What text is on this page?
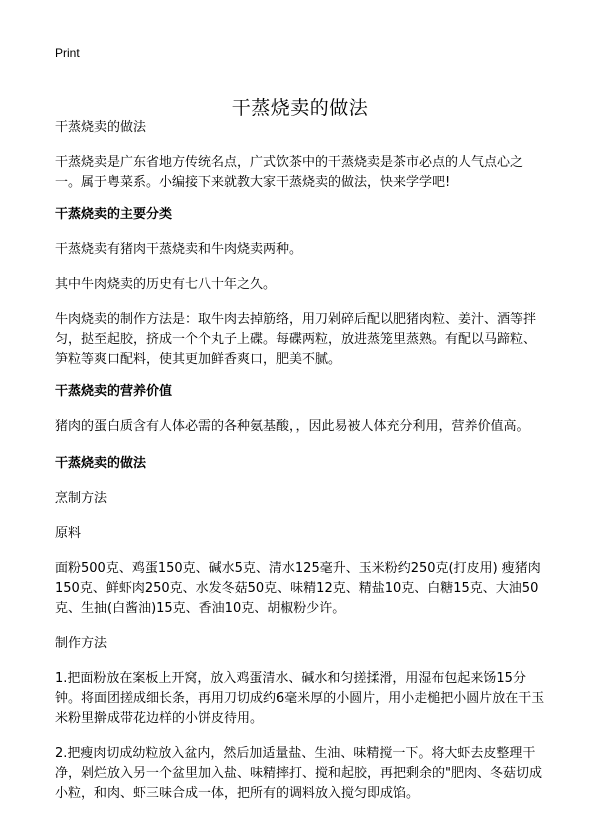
Print
干蒸烧卖的做法

干蒸烧卖的做法

干蒸烧卖是广东省地方传统名点，广式饮茶中的干蒸烧卖是茶市必点的人气点心之一。属于粤菜系。小编接下来就教大家干蒸烧卖的做法，快来学学吧!

干蒸烧卖的主要分类

干蒸烧卖有猪肉干蒸烧卖和牛肉烧卖两种。

其中牛肉烧卖的历史有七八十年之久。

牛肉烧卖的制作方法是：取牛肉去掉筋络，用刀剁碎后配以肥猪肉粒、姜汁、酒等拌匀，挞至起胶，挤成一个个丸子上碟。每碟两粒，放进蒸笼里蒸熟。有配以马蹄粒、笋粒等爽口配料，使其更加鲜香爽口，肥美不腻。

干蒸烧卖的营养价值

猪肉的蛋白质含有人体必需的各种氨基酸，，因此易被人体充分利用，营养价值高。

干蒸烧卖的做法

烹制方法

原料

面粉500克、鸡蛋150克、碱水5克、清水125毫升、玉米粉约250克(打皮用) 瘦猪肉150克、鲜虾肉250克、水发冬菇50克、味精12克、精盐10克、白糖15克、大油50克、生抽(白酱油)15克、香油10克、胡椒粉少许。

制作方法

1.把面粉放在案板上开窝，放入鸡蛋清水、碱水和匀搓揉滑，用湿布包起来饧15分钟。将面团搓成细长条，再用刀切成约6毫米厚的小圆片，用小走槌把小圆片放在干玉米粉里擀成带花边样的小饼皮待用。

2.把瘦肉切成幼粒放入盆内，然后加适量盐、生油、味精搅一下。将大虾去皮整理干净，剁烂放入另一个盆里加入盐、味精摔打、搅和起胶，再把剩余的"肥肉、冬菇切成小粒，和肉、虾三味合成一体，把所有的调料放入搅匀即成馅。
